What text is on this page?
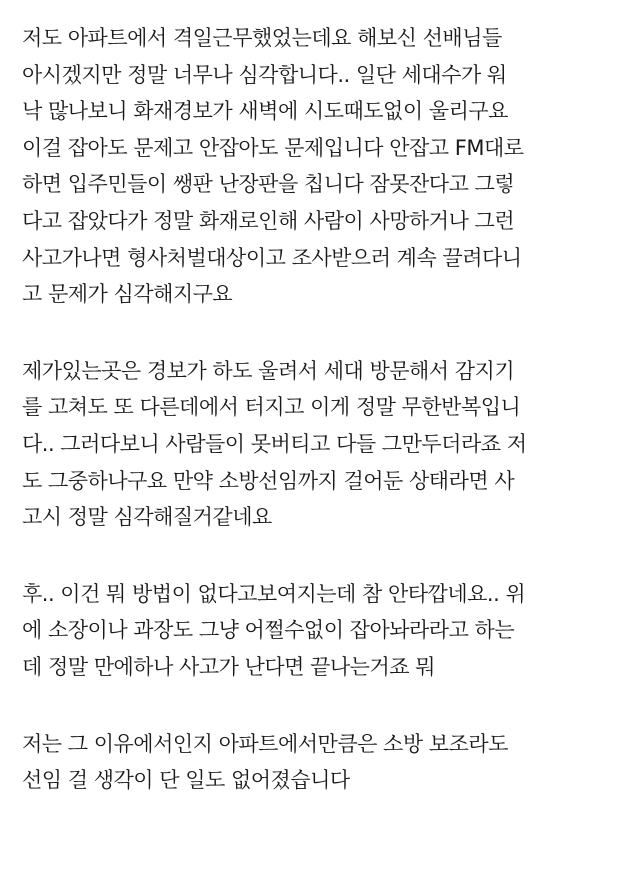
저도 아파트에서 격일근무했었는데요 해보신 선배님들
아시겠지만 정말 너무나 심각합니다.. 일단 세대수가 워
낙 많나보니 화재경보가 새벽에 시도때도없이 울리구요
이걸 잡아도 문제고 안잡아도 문제입니다 안잡고 FM대로
하면 입주민들이 쌩판 난장판을 칩니다 잠못잔다고 그렇
다고 잡았다가 정말 화재로인해 사람이 사망하거나 그런
사고가나면 형사처벌대상이고 조사받으러 계속 끌려다니
고 문제가 심각해지구요

제가있는곳은 경보가 하도 울려서 세대 방문해서 감지기
를 고쳐도 또 다른데에서 터지고 이게 정말 무한반복입니
다.. 그러다보니 사람들이 못버티고 다들 그만두더라죠 저
도 그중하나구요 만약 소방선임까지 걸어둔 상태라면 사
고시 정말 심각해질거같네요

후.. 이건 뭐 방법이 없다고보여지는데 참 안타깝네요.. 위
에 소장이나 과장도 그냥 어쩔수없이 잡아놔라라고 하는
데 정말 만에하나 사고가 난다면 끝나는거죠 뭐

저는 그 이유에서인지 아파트에서만큼은 소방 보조라도
선임 걸 생각이 단 일도 없어졌습니다
